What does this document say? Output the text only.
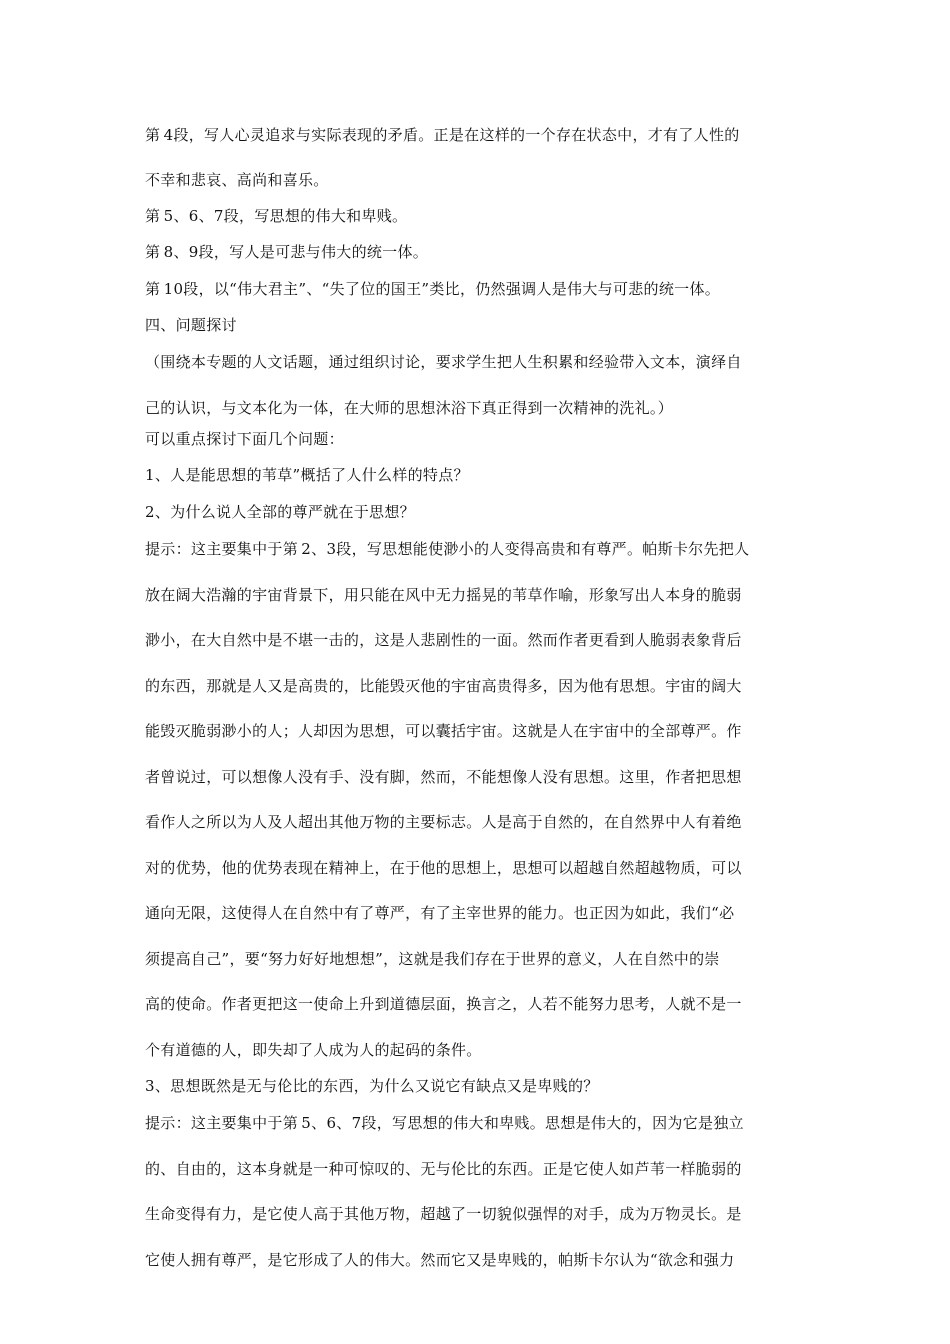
第 4段，写人心灵追求与实际表现的矛盾。正是在这样的一个存在状态中，才有了人性的
不幸和悲哀、高尚和喜乐。
第 5、6、7段，写思想的伟大和卑贱。
第 8、9段，写人是可悲与伟大的统一体。
第 10段，以“伟大君主”、“失了位的国王”类比，仍然强调人是伟大与可悲的统一体。
四、问题探讨
（围绕本专题的人文话题，通过组织讨论，要求学生把人生积累和经验带入文本，演绎自
己的认识，与文本化为一体，在大师的思想沐浴下真正得到一次精神的洗礼。）
可以重点探讨下面几个问题：
1、人是能思想的苇草”概括了人什么样的特点？
2、为什么说人全部的尊严就在于思想？
提示：这主要集中于第 2、3段，写思想能使渺小的人变得高贵和有尊严。帕斯卡尔先把人
放在阔大浩瀚的宇宙背景下，用只能在风中无力摇晃的苇草作喻，形象写出人本身的脆弱
渺小，在大自然中是不堪一击的，这是人悲剧性的一面。然而作者更看到人脆弱表象背后
的东西，那就是人又是高贵的，比能毁灭他的宇宙高贵得多，因为他有思想。宇宙的阔大
能毁灭脆弱渺小的人；人却因为思想，可以囊括宇宙。这就是人在宇宙中的全部尊严。作
者曾说过，可以想像人没有手、没有脚，然而，不能想像人没有思想。这里，作者把思想
看作人之所以为人及人超出其他万物的主要标志。人是高于自然的，在自然界中人有着绝
对的优势，他的优势表现在精神上，在于他的思想上，思想可以超越自然超越物质，可以
通向无限，这使得人在自然中有了尊严，有了主宰世界的能力。也正因为如此，我们“必
须提高自己”，要“努力好好地想想”，这就是我们存在于世界的意义，人在自然中的崇
高的使命。作者更把这一使命上升到道德层面，换言之，人若不能努力思考，人就不是一
个有道德的人，即失却了人成为人的起码的条件。
3、思想既然是无与伦比的东西，为什么又说它有缺点又是卑贱的？
提示：这主要集中于第 5、6、7段，写思想的伟大和卑贱。思想是伟大的，因为它是独立
的、自由的，这本身就是一种可惊叹的、无与伦比的东西。正是它使人如芦苇一样脆弱的
生命变得有力，是它使人高于其他万物，超越了一切貌似强悍的对手，成为万物灵长。是
它使人拥有尊严，是它形成了人的伟大。然而它又是卑贱的，帕斯卡尔认为“欲念和强力
